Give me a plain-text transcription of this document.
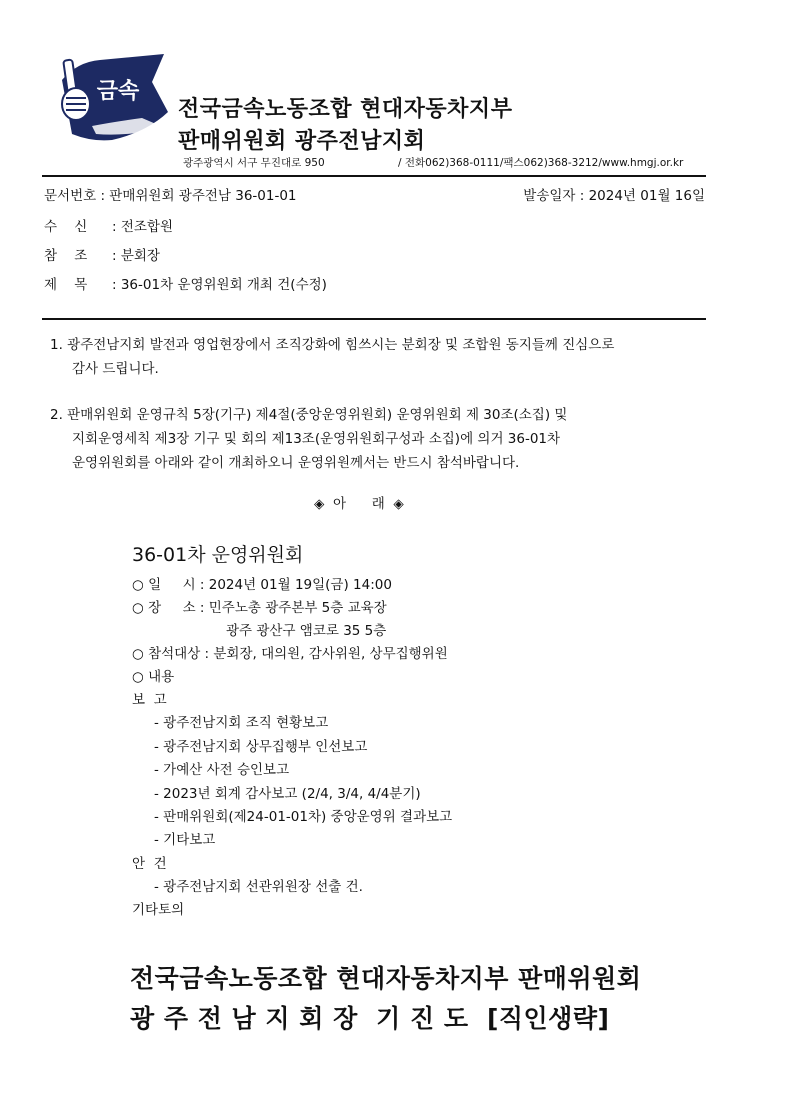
금속
전국금속노동조합 현대자동차지부
판매위원회 광주전남지회
광주광역시 서구 무진대로 950	/ 전화062)368-0111/팩스062)368-3212/www.hmgj.or.kr
문서번호 : 판매위원회 광주전남 36-01-01	발송일자 : 2024년 01월 16일
수    신 : 전조합원
참    조 : 분회장
제    목 : 36-01차 운영위원회 개최 건(수정)
1. 광주전남지회 발전과 영업현장에서 조직강화에 힘쓰시는 분회장 및 조합원 동지들께 진심으로
감사 드립니다.
2. 판매위원회 운영규칙 5장(기구) 제4절(중앙운영위원회) 운영위원회 제 30조(소집) 및
지회운영세칙 제3장 기구 및 회의 제13조(운영위원회구성과 소집)에 의거 36-01차
운영위원회를 아래와 같이 개최하오니 운영위원께서는 반드시 참석바랍니다.
◈  아      래  ◈
36-01차 운영위원회
○ 일     시 : 2024년 01월 19일(금) 14:00
○ 장     소 : 민주노총 광주본부 5층 교육장
광주 광산구 앰코로 35 5층
○ 참석대상 : 분회장, 대의원, 감사위원, 상무집행위원
○ 내용
보  고
- 광주전남지회 조직 현황보고
- 광주전남지회 상무집행부 인선보고
- 가예산 사전 승인보고
- 2023년 회계 감사보고 (2/4, 3/4, 4/4분기)
- 판매위원회(제24-01-01차) 중앙운영위 결과보고
- 기타보고
안  건
- 광주전남지회 선관위원장 선출 건.
기타토의
전국금속노동조합 현대자동차지부 판매위원회
광 주 전 남 지 회 장  기 진 도  [직인생략]
